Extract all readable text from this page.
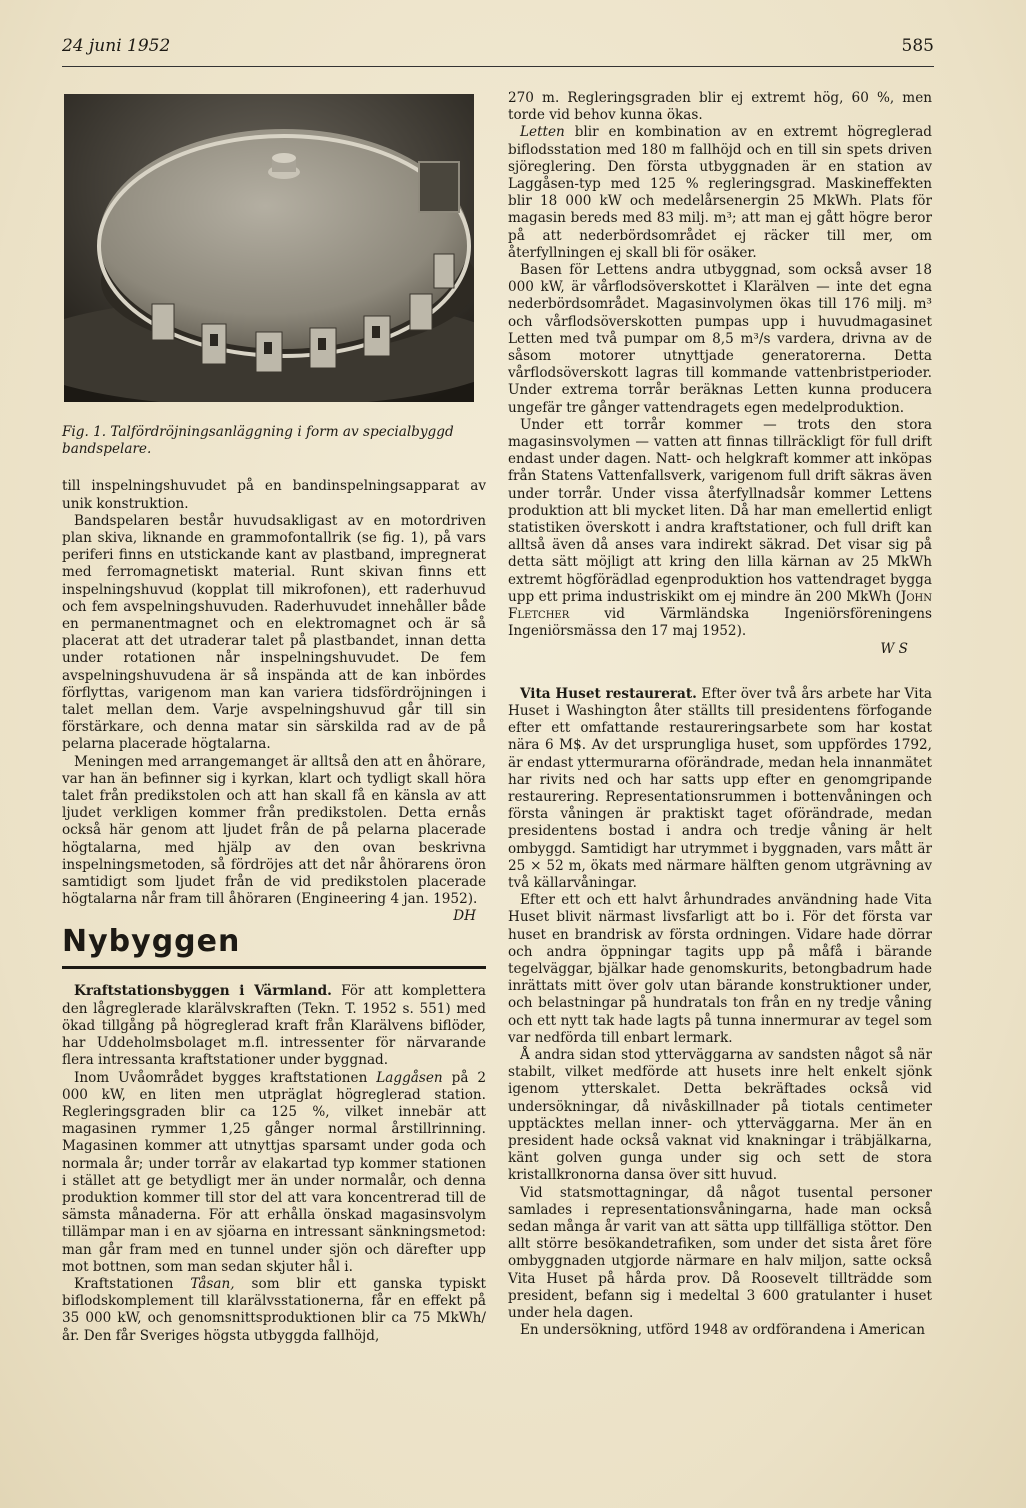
24 juni 1952	585
Fig. 1. Talfördröjningsanläggning i form av specialbyggd bandspelare.

till inspelningshuvudet på en bandinspelningsapparat av unik konstruktion.

Bandspelaren består huvudsakligast av en motordriven plan skiva, liknande en grammofontallrik (se fig. 1), på vars periferi finns en utstickande kant av plastband, impregnerat med ferromagnetiskt material. Runt skivan finns ett inspelningshuvud (kopplat till mikrofonen), ett raderhuvud och fem avspelningshuvuden. Raderhuvudet innehåller både en permanentmagnet och en elektromagnet och är så placerat att det utraderar talet på plastbandet, innan detta under rotationen når inspelningshuvudet. De fem avspelningshuvudena är så inspända att de kan inbördes förflyttas, varigenom man kan variera tidsfördröjningen i talet mellan dem. Varje avspelningshuvud går till sin förstärkare, och denna matar sin särskilda rad av de på pelarna placerade högtalarna.

Meningen med arrangemanget är alltså den att en åhörare, var han än befinner sig i kyrkan, klart och tydligt skall höra talet från predikstolen och att han skall få en känsla av att ljudet verkligen kommer från predikstolen. Detta ernås också här genom att ljudet från de på pelarna placerade högtalarna, med hjälp av den ovan beskrivna inspelningsmetoden, så fördröjes att det når åhörarens öron samtidigt som ljudet från de vid predikstolen placerade högtalarna når fram till åhöraren (Engineering 4 jan. 1952).
DH

Nybyggen

Kraftstationsbyggen i Värmland. För att komplettera den lågreglerade klarälvskraften (Tekn. T. 1952 s. 551) med ökad tillgång på högreglerad kraft från Klarälvens biflöder, har Uddeholmsbolaget m.fl. intressenter för närvarande flera intressanta kraftstationer under byggnad.

Inom Uvåområdet bygges kraftstationen Laggåsen på 2 000 kW, en liten men utpräglat högreglerad station. Regleringsgraden blir ca 125 %, vilket innebär att magasinen rymmer 1,25 gånger normal årstillrinning. Magasinen kommer att utnyttjas sparsamt under goda och normala år; under torrår av elakartad typ kommer stationen i stället att ge betydligt mer än under normalår, och denna produktion kommer till stor del att vara koncentrerad till de sämsta månaderna. För att erhålla önskad magasinsvolym tillämpar man i en av sjöarna en intressant sänkningsmetod: man går fram med en tunnel under sjön och därefter upp mot bottnen, som man sedan skjuter hål i.

Kraftstationen Tåsan, som blir ett ganska typiskt biflodskomplement till klarälvsstationerna, får en effekt på 35 000 kW, och genomsnittsproduktionen blir ca 75 MkWh/år. Den får Sveriges högsta utbyggda fallhöjd,

270 m. Regleringsgraden blir ej extremt hög, 60 %, men torde vid behov kunna ökas.

Letten blir en kombination av en extremt högreglerad biflodsstation med 180 m fallhöjd och en till sin spets driven sjöreglering. Den första utbyggnaden är en station av Laggåsen-typ med 125 % regleringsgrad. Maskineffekten blir 18 000 kW och medelårsenergin 25 MkWh. Plats för magasin bereds med 83 milj. m³; att man ej gått högre beror på att nederbördsområdet ej räcker till mer, om återfyllningen ej skall bli för osäker.

Basen för Lettens andra utbyggnad, som också avser 18 000 kW, är vårflodsöverskottet i Klarälven — inte det egna nederbördsområdet. Magasinvolymen ökas till 176 milj. m³ och vårflodsöverskotten pumpas upp i huvudmagasinet Letten med två pumpar om 8,5 m³/s vardera, drivna av de såsom motorer utnyttjade generatorerna. Detta vårflodsöverskott lagras till kommande vattenbristperioder. Under extrema torrår beräknas Letten kunna producera ungefär tre gånger vattendragets egen medelproduktion.

Under ett torrår kommer — trots den stora magasinsvolymen — vatten att finnas tillräckligt för full drift endast under dagen. Natt- och helgkraft kommer att inköpas från Statens Vattenfallsverk, varigenom full drift säkras även under torrår. Under vissa återfyllnadsår kommer Lettens produktion att bli mycket liten. Då har man emellertid enligt statistiken överskott i andra kraftstationer, och full drift kan alltså även då anses vara indirekt säkrad. Det visar sig på detta sätt möjligt att kring den lilla kärnan av 25 MkWh extremt högförädlad egenproduktion hos vattendraget bygga upp ett prima industriskikt om ej mindre än 200 MkWh (John Fletcher	vid Värmländska Ingeniörsföreningens Ingeniörsmässa den 17 maj 1952).

W S

Vita Huset restaurerat. Efter över två års arbete har Vita Huset i Washington åter ställts till presidentens förfogande efter ett omfattande restaureringsarbete som har kostat nära 6 M$. Av det ursprungliga huset, som uppfördes 1792, är endast yttermurarna oförändrade, medan hela innanmätet har rivits ned och har satts upp efter en genomgripande restaurering. Representationsrummen i bottenvåningen och första våningen är praktiskt taget oförändrade, medan presidentens bostad i andra och tredje våning är helt ombyggd. Samtidigt har utrymmet i byggnaden, vars mått är 25 × 52 m, ökats med närmare hälften genom utgrävning av två källarvåningar.

Efter ett och ett halvt århundrades användning hade Vita Huset blivit närmast livsfarligt att bo i. För det första var huset en brandrisk av första ordningen. Vidare hade dörrar och andra öppningar tagits upp på måfå i bärande tegelväggar, bjälkar hade genomskurits, betongbadrum hade inrättats mitt över golv utan bärande konstruktioner under, och belastningar på hundratals ton från en ny tredje våning och ett nytt tak hade lagts på tunna innermurar av tegel som var nedförda till enbart lermark.

Å andra sidan stod ytterväggarna av sandsten något så när stabilt, vilket medförde att husets inre helt enkelt sjönk igenom ytterskalet. Detta bekräftades också vid undersökningar, då nivåskillnader på tiotals centimeter upptäcktes mellan inner- och ytterväggarna. Mer än en president hade också vaknat vid knakningar i träbjälkarna, känt golven gunga under sig och sett de stora kristallkronorna dansa över sitt huvud.

Vid statsmottagningar, då något tusental personer samlades i representationsvåningarna, hade man också sedan många år varit van att sätta upp tillfälliga stöttor. Den allt större besökandetrafiken, som under det sista året före ombyggnaden utgjorde närmare en halv miljon, satte också Vita Huset på hårda prov. Då Roosevelt tillträdde som president, befann sig i medeltal 3 600 gratulanter i huset under hela dagen.

En undersökning, utförd 1948 av ordförandena i American
